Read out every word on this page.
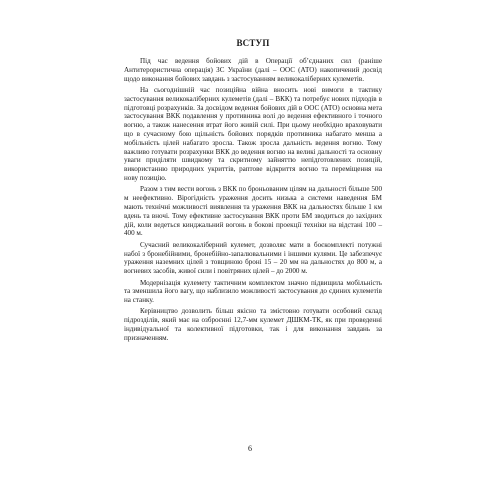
ВСТУП

Під час ведення бойових дій в Операції об’єднаних сил (раніше Антитерористична операція) ЗС України (далі – ООС (АТО) накопичений досвід щодо виконання бойових завдань з застосуванням великокаліберних кулеметів.

На сьогоднішній час позиційна війна вносить нові вимоги в тактику застосування великокаліберних кулеметів (далі – ВКК) та потребує нових підходів в підготовці розрахунків. За досвідом ведення бойових дій в ООС (АТО) основна мета застосування ВКК подавлення у противника волі до ведення ефективного і точного вогню, а також нанесення втрат його живій силі. При цьому необхідно враховувати що в сучасному бою щільність бойових порядків противника набагато менша а мобільність цілей набагато зросла. Також зросла дальність ведення вогню. Тому важливо готувати розрахунки ВКК до ведення вогню на великі дальності та основну уваги приділяти швидкому та скритному зайняттю непідготовлених позицій, використанню природних укриттів, раптове відкриття вогню та переміщення на нову позицію.

Разом з тим вести вогонь з ВКК по броньованим цілям на дальності більше 500 м неефективно. Вірогідність ураження досить низька а системи наведення БМ мають технічні можливості виявлення та ураження ВКК на дальностях більше 1 км вдень та вночі. Тому ефективне застосування ВКК проти БМ зводиться до західних дій, коли ведеться кинджальний вогонь в бокові проекції техніки на відстані 100 – 400 м.

Сучасний великокаліберний кулемет, дозволяє мати в боєкомплекті потужні набої з бронебійними, бронебійно-запалювальними і іншими кулями. Це забезпечує ураження наземних цілей з товщиною броні 15 – 20 мм на дальностях до 800 м, а вогневих засобів, живої сили і повітряних цілей – до 2000 м.

Модернізація кулемету тактичним комплектом значно підвищила мобільність та зменшила його вагу, що наблизило можливості застосування до єдиних кулеметів на станку.

Керівництво дозволить більш якісно та змістовно готувати особовий склад підрозділів, який має на озброєнні 12,7-мм кулемет ДШКМ-ТК, як при проведенні індивідуальної та колективної підготовки, так і для виконання завдань за призначенням.

6
